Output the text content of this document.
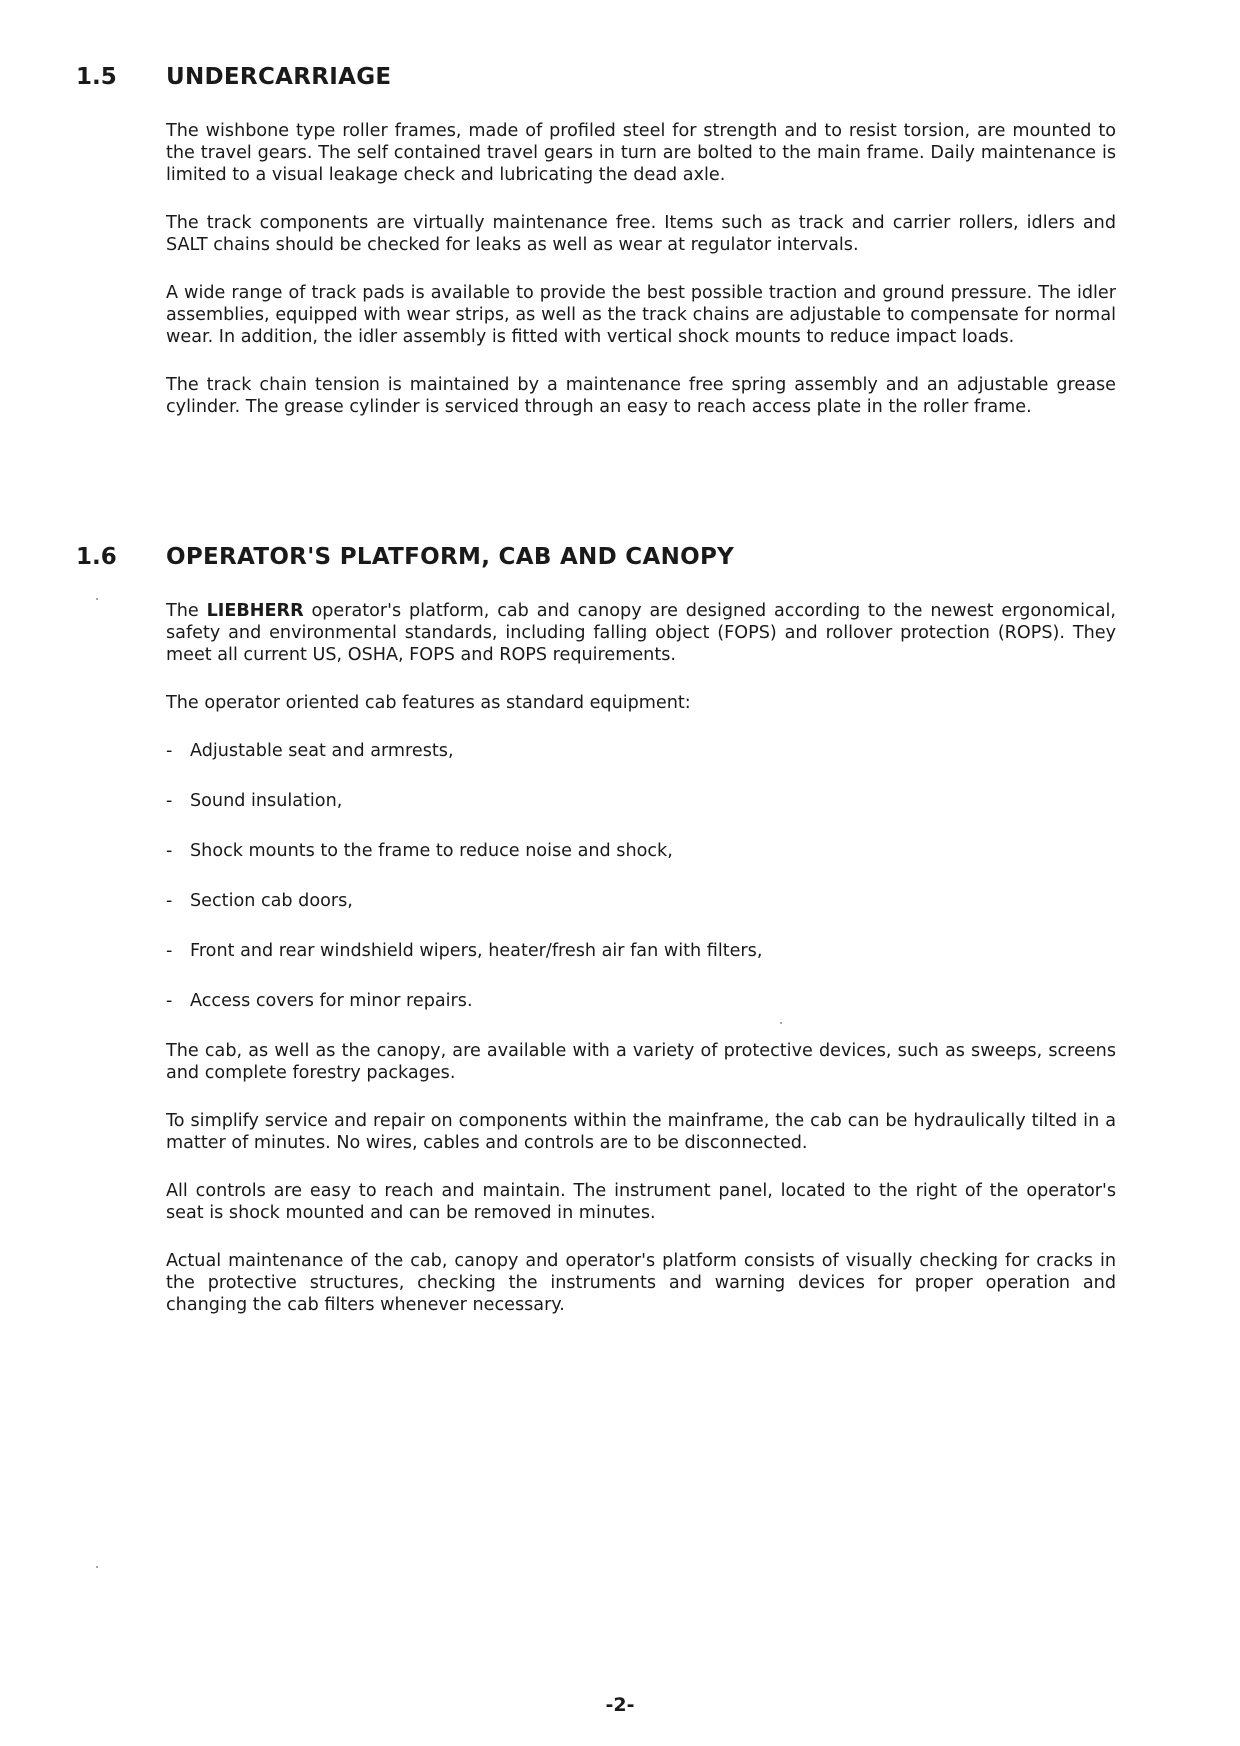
1.5 UNDERCARRIAGE

The wishbone type roller frames, made of profiled steel for strength and to resist torsion, are mounted to the travel gears. The self contained travel gears in turn are bolted to the main frame. Daily maintenance is limited to a visual leakage check and lubricating the dead axle.

The track components are virtually maintenance free. Items such as track and carrier rollers, idlers and SALT chains should be checked for leaks as well as wear at regulator intervals.

A wide range of track pads is available to provide the best possible traction and ground pressure. The idler assemblies, equipped with wear strips, as well as the track chains are adjustable to compensate for normal wear. In addition, the idler assembly is fitted with vertical shock mounts to reduce impact loads.

The track chain tension is maintained by a maintenance free spring assembly and an adjustable grease cylinder. The grease cylinder is serviced through an easy to reach access plate in the roller frame.

1.6 OPERATOR'S PLATFORM, CAB AND CANOPY

The LIEBHERR operator's platform, cab and canopy are designed according to the newest ergonomical, safety and environmental standards, including falling object (FOPS) and rollover protection (ROPS). They meet all current US, OSHA, FOPS and ROPS requirements.

The operator oriented cab features as standard equipment:

- Adjustable seat and armrests,
- Sound insulation,
- Shock mounts to the frame to reduce noise and shock,
- Section cab doors,
- Front and rear windshield wipers, heater/fresh air fan with filters,
- Access covers for minor repairs.

The cab, as well as the canopy, are available with a variety of protective devices, such as sweeps, screens and complete forestry packages.

To simplify service and repair on components within the mainframe, the cab can be hydraulically tilted in a matter of minutes. No wires, cables and controls are to be disconnected.

All controls are easy to reach and maintain. The instrument panel, located to the right of the operator's seat is shock mounted and can be removed in minutes.

Actual maintenance of the cab, canopy and operator's platform consists of visually checking for cracks in the protective structures, checking the instruments and warning devices for proper operation and changing the cab filters whenever necessary.

-2-
